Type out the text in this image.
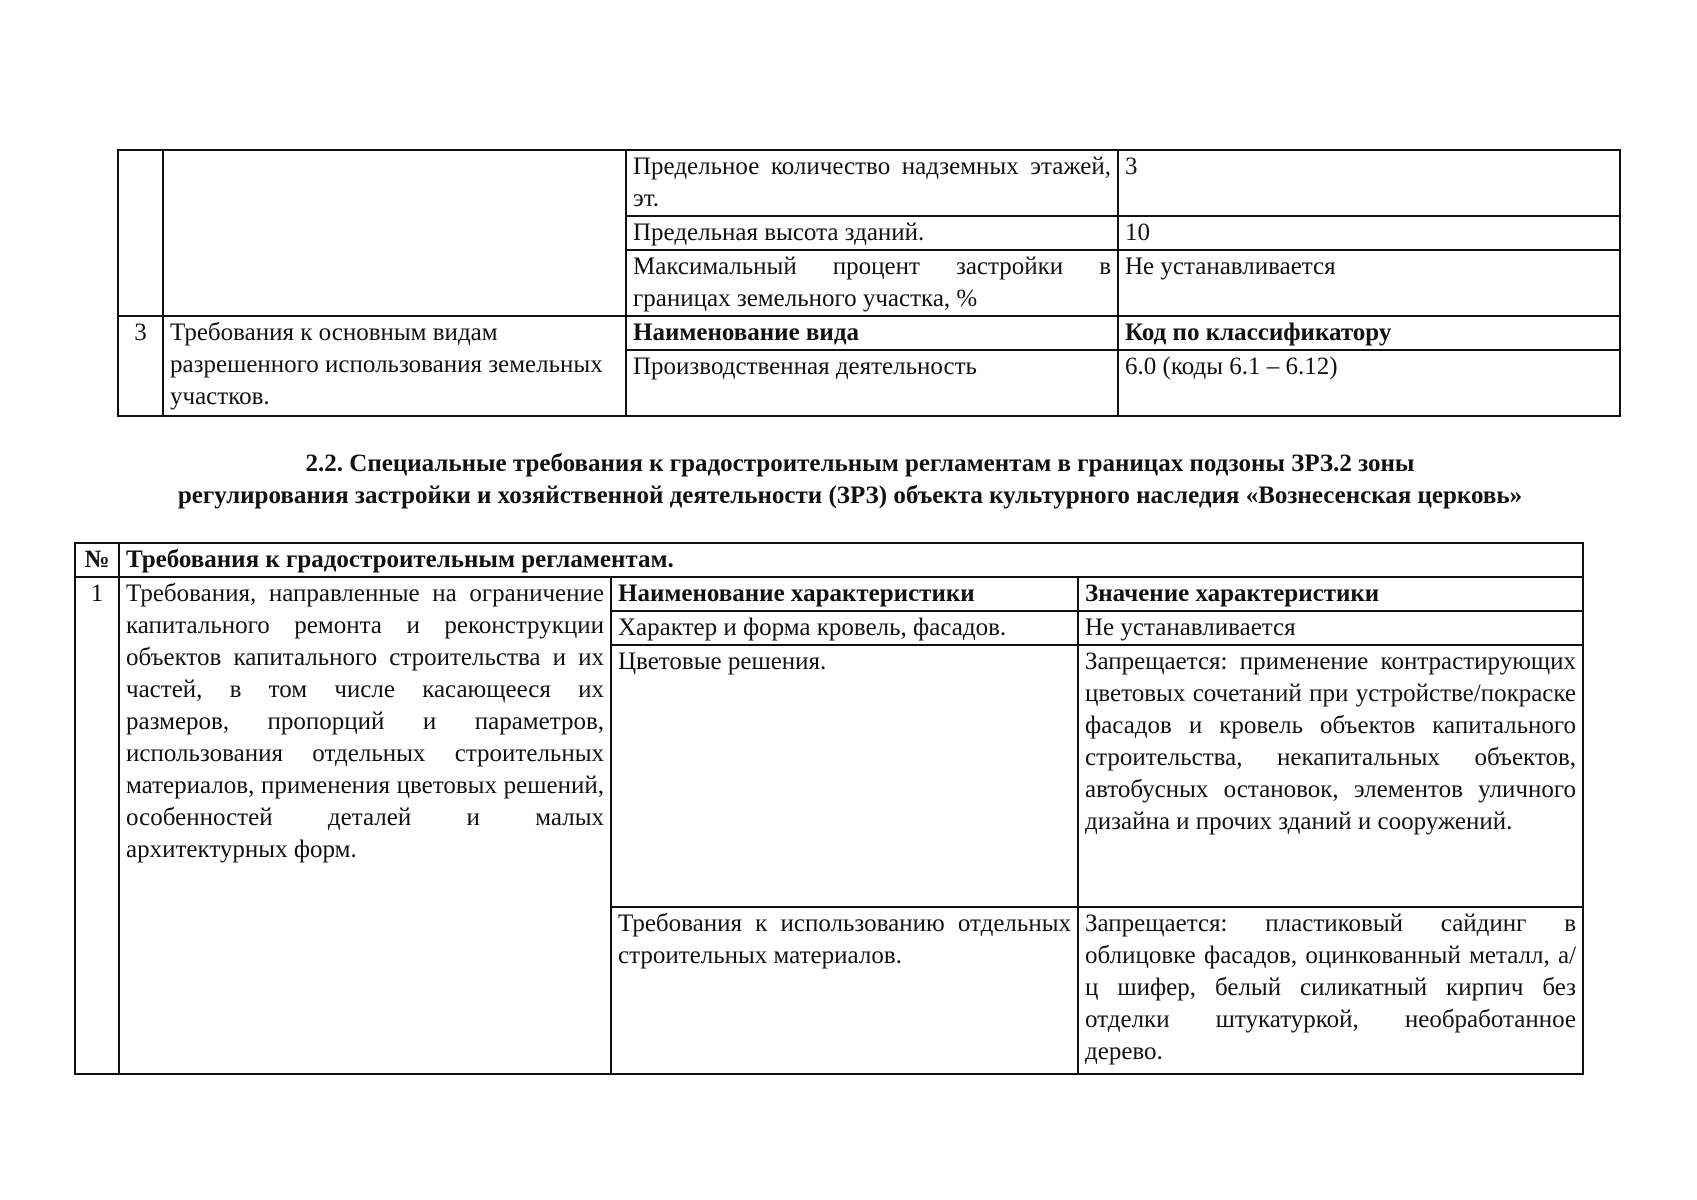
		Предельное количество надземных этажей, эт.	3
		Предельная высота зданий.	10
		Максимальный процент застройки в границах земельного участка, %	Не устанавливается
3	Требования к основным видам разрешенного использования земельных участков.	Наименование вида	Код по классификатору
		Производственная деятельность	6.0 (коды 6.1 – 6.12)
2.2. Специальные требования к градостроительным регламентам в границах подзоны ЗРЗ.2 зоны
регулирования застройки и хозяйственной деятельности (ЗРЗ) объекта культурного наследия «Вознесенская церковь»
№	Требования к градостроительным регламентам.		
1	Требования, направленные на ограничение капитального ремонта и реконструкции объектов капитального строительства и их частей, в том числе касающееся их размеров, пропорций и параметров, использования отдельных строительных материалов, применения цветовых решений, особенностей деталей и малых архитектурных форм.	Наименование характеристики	Значение характеристики
		Характер и форма кровель, фасадов.	Не устанавливается
		Цветовые решения.	Запрещается: применение контрастирующих цветовых сочетаний при устройстве/покраске фасадов и кровель объектов капитального строительства, некапитальных объектов, автобусных остановок, элементов уличного дизайна и прочих зданий и сооружений.
		Требования к использованию отдельных строительных материалов.	Запрещается: пластиковый сайдинг в облицовке фасадов, оцинкованный металл, а/ц шифер, белый силикатный кирпич без отделки штукатуркой, необработанное дерево.
